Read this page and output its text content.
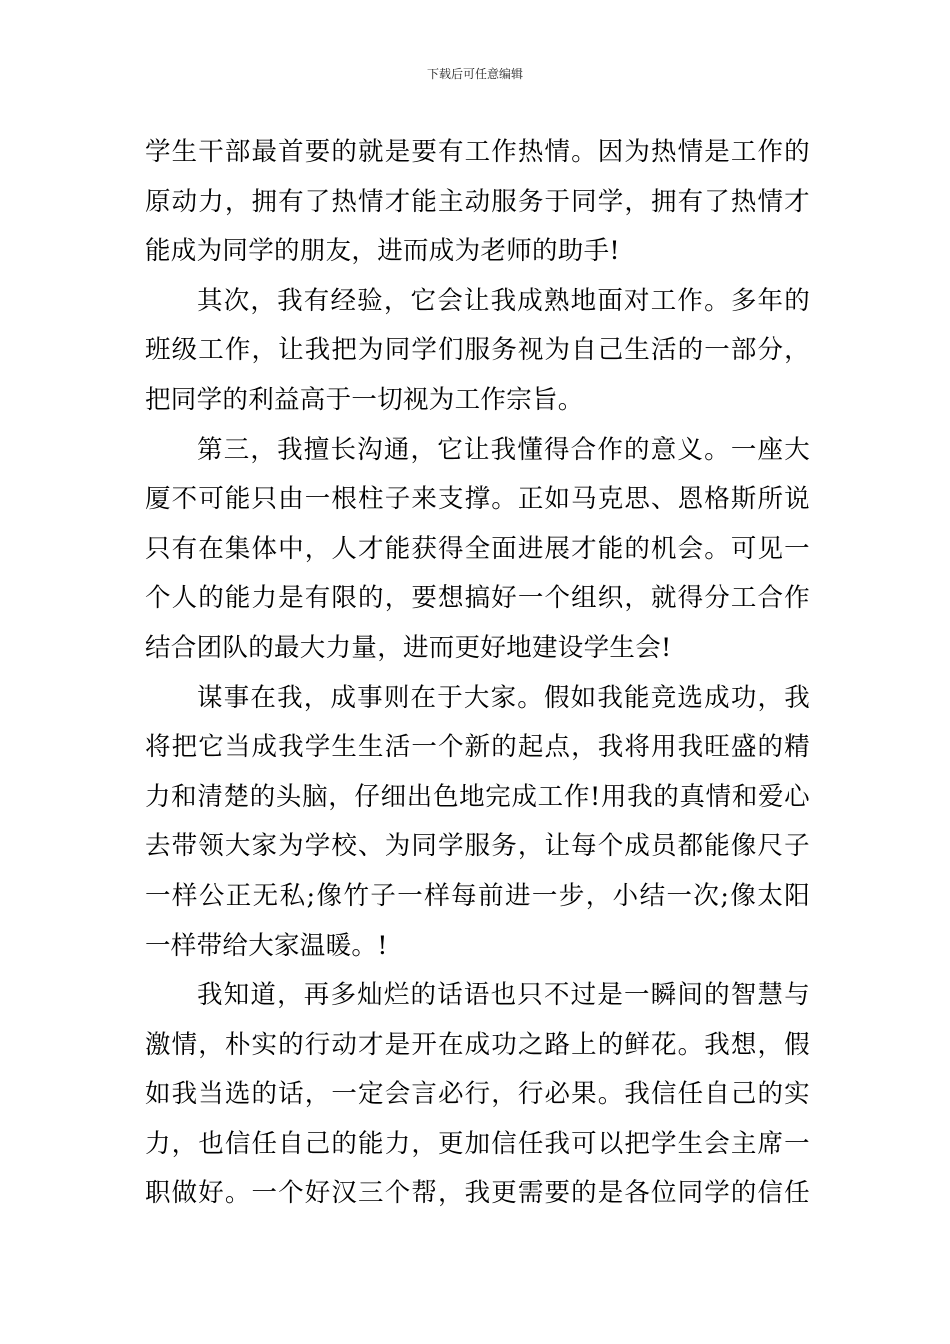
下载后可任意编辑

学生干部最首要的就是要有工作热情。因为热情是工作的
原动力，拥有了热情才能主动服务于同学，拥有了热情才
能成为同学的朋友，进而成为老师的助手!

其次，我有经验，它会让我成熟地面对工作。多年的
班级工作，让我把为同学们服务视为自己生活的一部分，
把同学的利益高于一切视为工作宗旨。

第三，我擅长沟通，它让我懂得合作的意义。一座大
厦不可能只由一根柱子来支撑。正如马克思、恩格斯所说
只有在集体中，人才能获得全面进展才能的机会。可见一
个人的能力是有限的，要想搞好一个组织，就得分工合作
结合团队的最大力量，进而更好地建设学生会!

谋事在我，成事则在于大家。假如我能竞选成功，我
将把它当成我学生生活一个新的起点，我将用我旺盛的精
力和清楚的头脑，仔细出色地完成工作!用我的真情和爱心
去带领大家为学校、为同学服务，让每个成员都能像尺子
一样公正无私;像竹子一样每前进一步，小结一次;像太阳
一样带给大家温暖。!

我知道，再多灿烂的话语也只不过是一瞬间的智慧与
激情，朴实的行动才是开在成功之路上的鲜花。我想，假
如我当选的话，一定会言必行，行必果。我信任自己的实
力，也信任自己的能力，更加信任我可以把学生会主席一
职做好。一个好汉三个帮，我更需要的是各位同学的信任
